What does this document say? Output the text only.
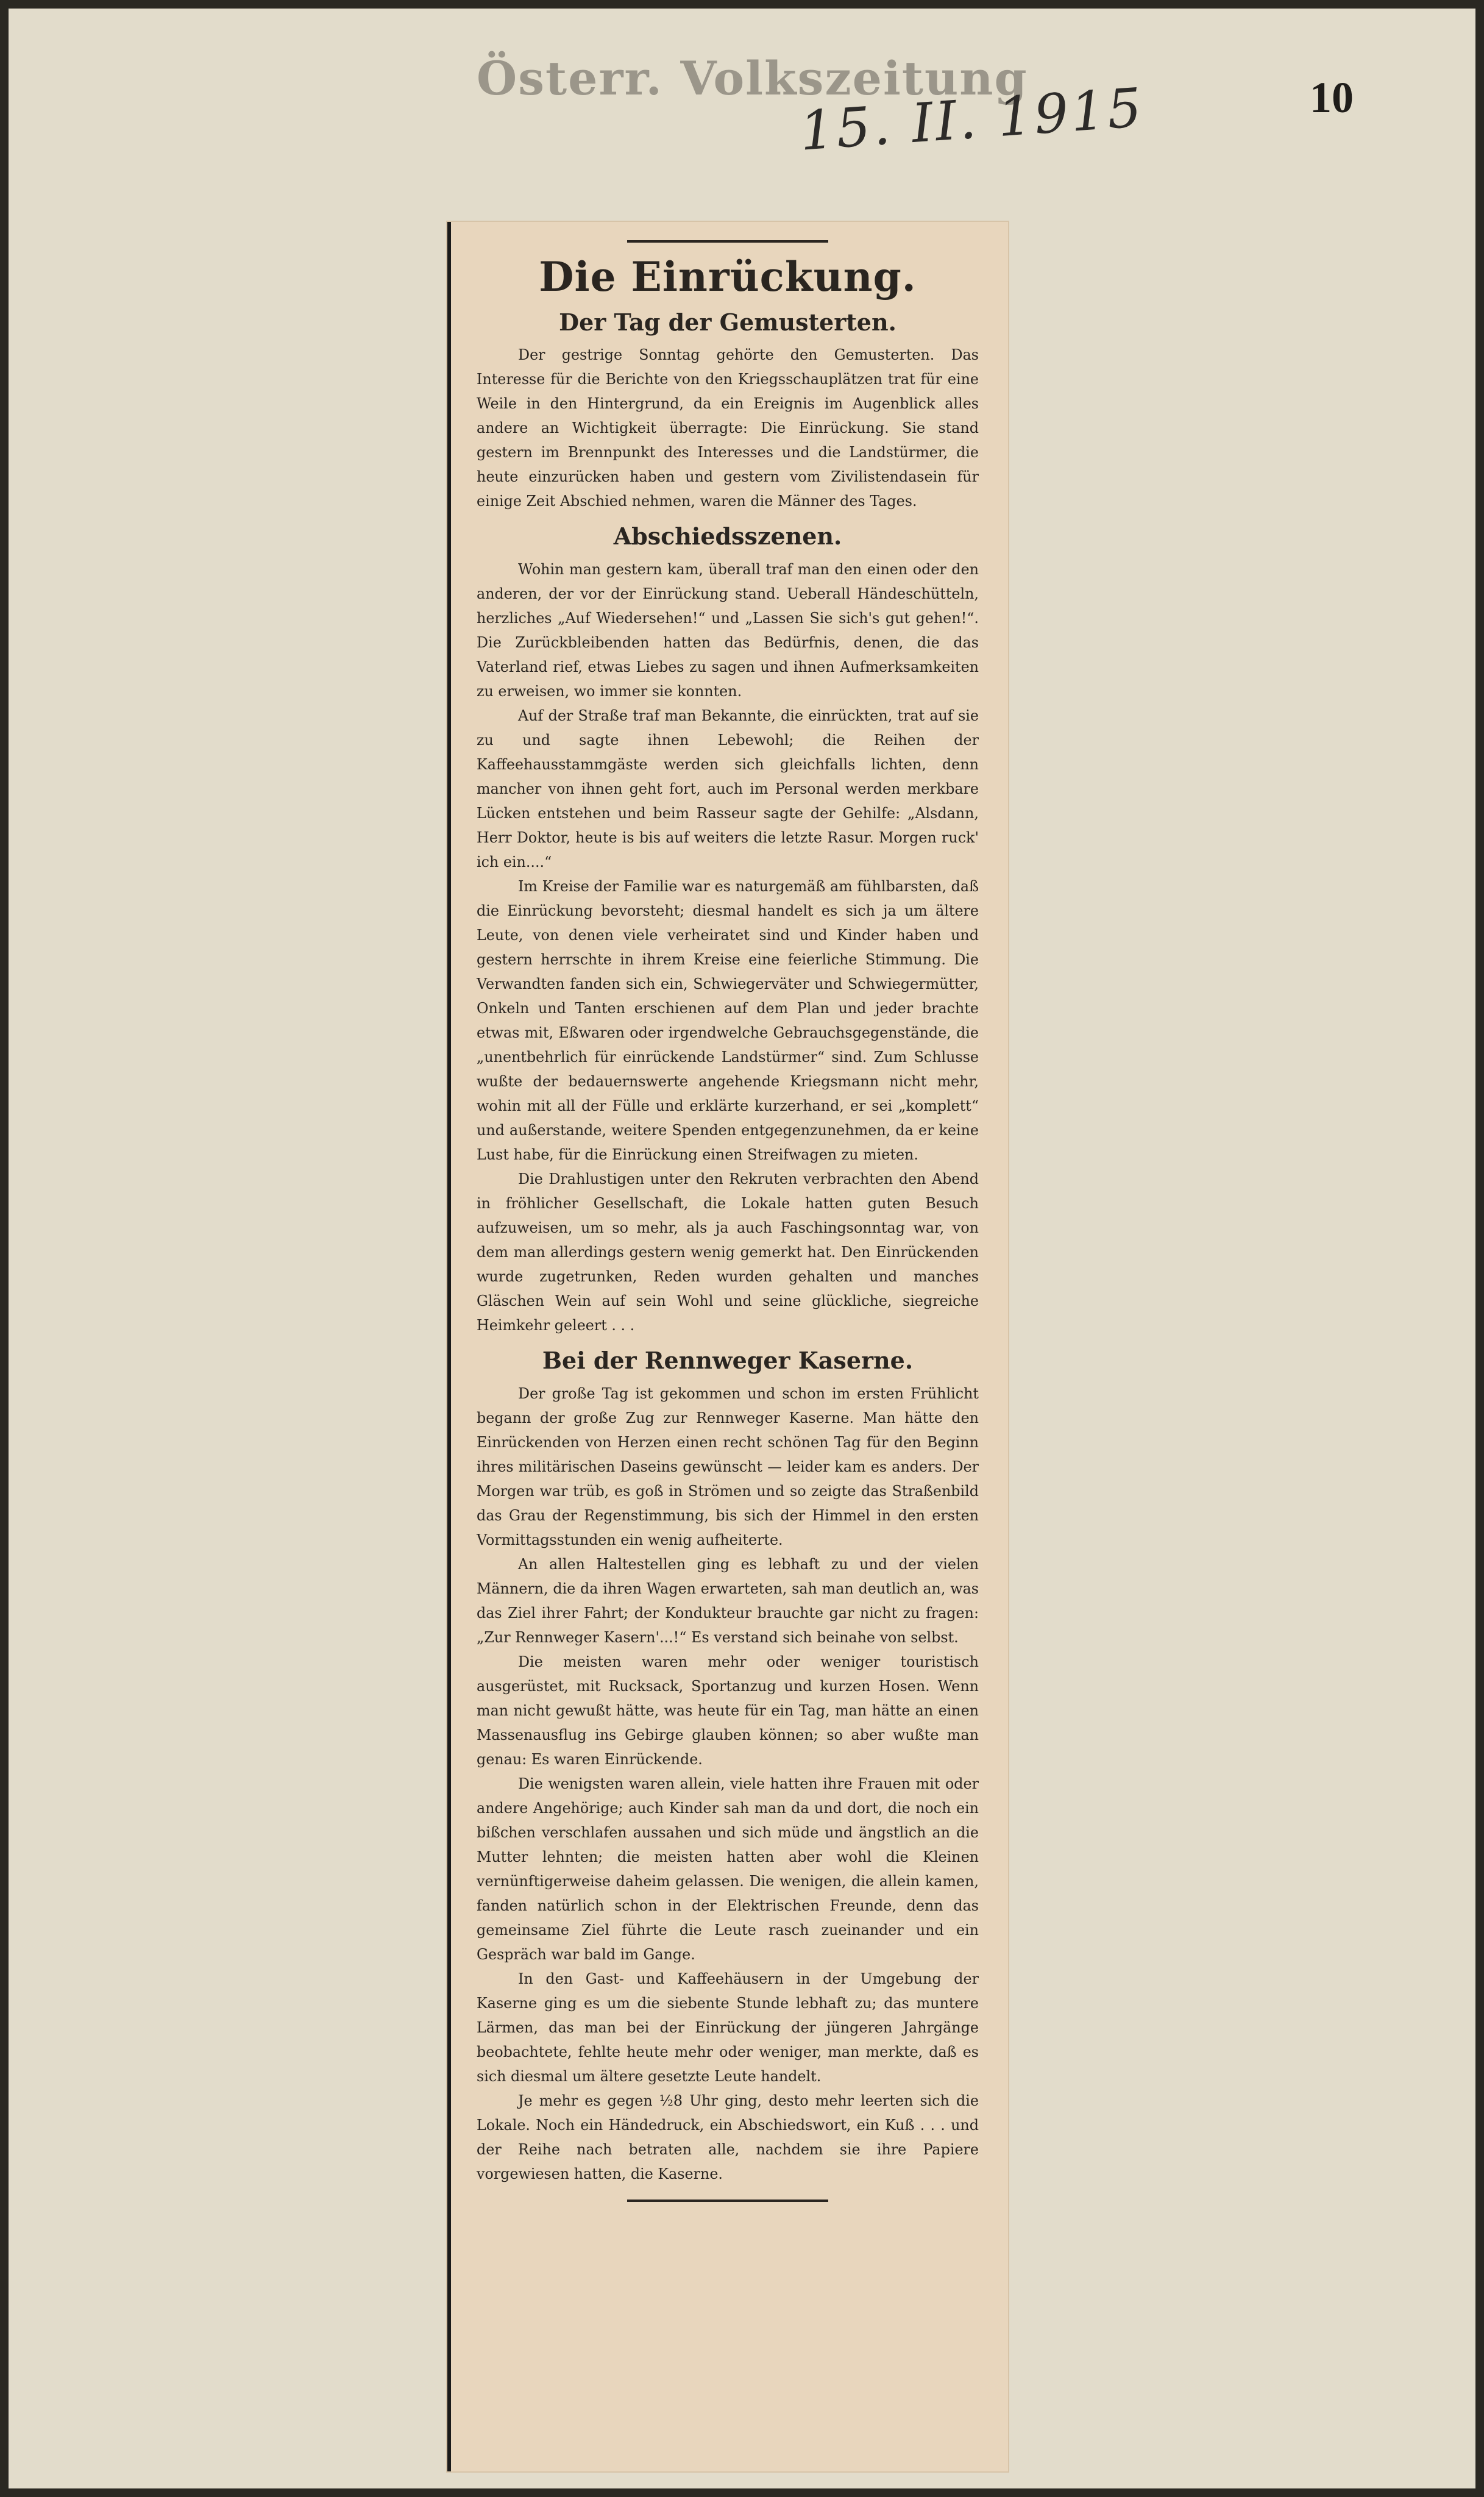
Österr. Volkszeitung
15. II. 1915	10
Die Einrückung.
Der Tag der Gemusterten.

Der gestrige Sonntag gehörte den Gemusterten. Das Interesse für die Berichte von den Kriegsschauplätzen trat für eine Weile in den Hintergrund, da ein Ereignis im Augenblick alles andere an Wichtigkeit überragte: Die Einrückung. Sie stand gestern im Brennpunkt des Interesses und die Landstürmer, die heute einzurücken haben und gestern vom Zivilistendasein für einige Zeit Abschied nehmen, waren die Männer des Tages.

Abschiedsszenen.

Wohin man gestern kam, überall traf man den einen oder den anderen, der vor der Einrückung stand. Ueberall Händeschütteln, herzliches „Auf Wiedersehen!“ und „Lassen Sie sich's gut gehen!“. Die Zurückbleibenden hatten das Bedürfnis, denen, die das Vaterland rief, etwas Liebes zu sagen und ihnen Aufmerksamkeiten zu erweisen, wo immer sie konnten.

Auf der Straße traf man Bekannte, die einrückten, trat auf sie zu und sagte ihnen Lebewohl; die Reihen der Kaffeehausstammgäste werden sich gleichfalls lichten, denn mancher von ihnen geht fort, auch im Personal werden merkbare Lücken entstehen und beim Rasseur sagte der Gehilfe: „Alsdann, Herr Doktor, heute is bis auf weiters die letzte Rasur. Morgen ruck' ich ein....“

Im Kreise der Familie war es naturgemäß am fühlbarsten, daß die Einrückung bevorsteht; diesmal handelt es sich ja um ältere Leute, von denen viele verheiratet sind und Kinder haben und gestern herrschte in ihrem Kreise eine feierliche Stimmung. Die Verwandten fanden sich ein, Schwiegerväter und Schwiegermütter, Onkeln und Tanten erschienen auf dem Plan und jeder brachte etwas mit, Eßwaren oder irgendwelche Gebrauchsgegenstände, die „unentbehrlich für einrückende Landstürmer“ sind. Zum Schlusse wußte der bedauernswerte angehende Kriegsmann nicht mehr, wohin mit all der Fülle und erklärte kurzerhand, er sei „komplett“ und außerstande, weitere Spenden entgegenzunehmen, da er keine Lust habe, für die Einrückung einen Streifwagen zu mieten.

Die Drahlustigen unter den Rekruten verbrachten den Abend in fröhlicher Gesellschaft, die Lokale hatten guten Besuch aufzuweisen, um so mehr, als ja auch Faschingsonntag war, von dem man allerdings gestern wenig gemerkt hat. Den Einrückenden wurde zugetrunken, Reden wurden gehalten und manches Gläschen Wein auf sein Wohl und seine glückliche, siegreiche Heimkehr geleert . . .

Bei der Rennweger Kaserne.

Der große Tag ist gekommen und schon im ersten Frühlicht begann der große Zug zur Rennweger Kaserne. Man hätte den Einrückenden von Herzen einen recht schönen Tag für den Beginn ihres militärischen Daseins gewünscht — leider kam es anders. Der Morgen war trüb, es goß in Strömen und so zeigte das Straßenbild das Grau der Regenstimmung, bis sich der Himmel in den ersten Vormittagsstunden ein wenig aufheiterte.

An allen Haltestellen ging es lebhaft zu und der vielen Männern, die da ihren Wagen erwarteten, sah man deutlich an, was das Ziel ihrer Fahrt; der Kondukteur brauchte gar nicht zu fragen: „Zur Rennweger Kasern'...!“ Es verstand sich beinahe von selbst.

Die meisten waren mehr oder weniger touristisch ausgerüstet, mit Rucksack, Sportanzug und kurzen Hosen. Wenn man nicht gewußt hätte, was heute für ein Tag, man hätte an einen Massenausflug ins Gebirge glauben können; so aber wußte man genau: Es waren Einrückende.

Die wenigsten waren allein, viele hatten ihre Frauen mit oder andere Angehörige; auch Kinder sah man da und dort, die noch ein bißchen verschlafen aussahen und sich müde und ängstlich an die Mutter lehnten; die meisten hatten aber wohl die Kleinen vernünftigerweise daheim gelassen. Die wenigen, die allein kamen, fanden natürlich schon in der Elektrischen Freunde, denn das gemeinsame Ziel führte die Leute rasch zueinander und ein Gespräch war bald im Gange.

In den Gast- und Kaffeehäusern in der Umgebung der Kaserne ging es um die siebente Stunde lebhaft zu; das muntere Lärmen, das man bei der Einrückung der jüngeren Jahrgänge beobachtete, fehlte heute mehr oder weniger, man merkte, daß es sich diesmal um ältere gesetzte Leute handelt.

Je mehr es gegen ½8 Uhr ging, desto mehr leerten sich die Lokale. Noch ein Händedruck, ein Abschiedswort, ein Kuß . . . und der Reihe nach betraten alle, nachdem sie ihre Papiere vorgewiesen hatten, die Kaserne.
